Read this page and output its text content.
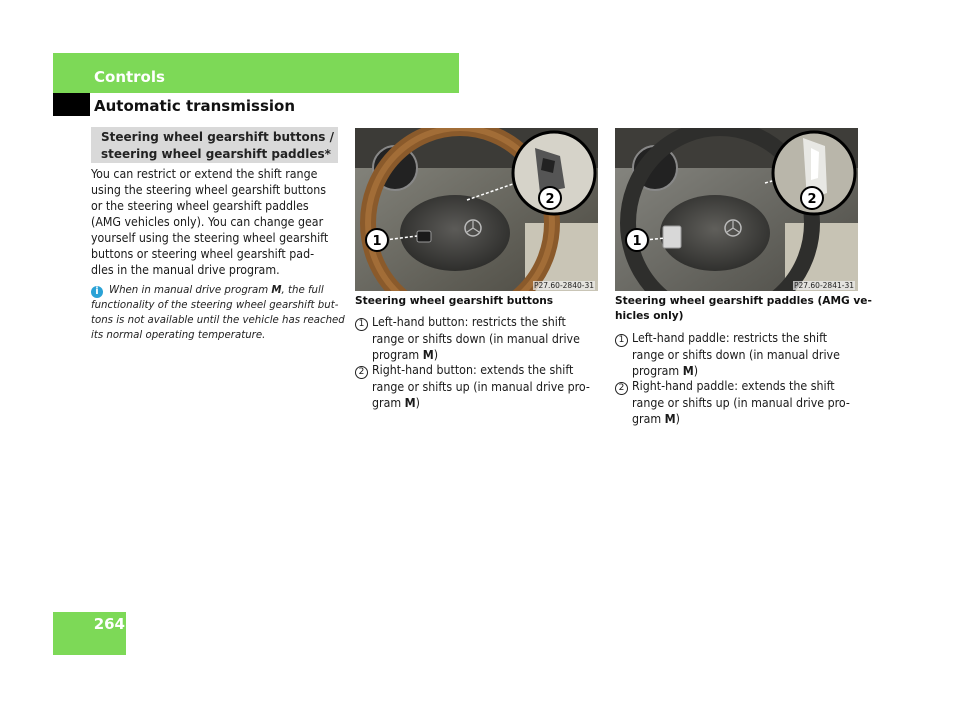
Controls
Automatic transmission
Steering wheel gearshift buttons /
steering wheel gearshift paddles*
You can restrict or extend the shift range
using the steering wheel gearshift buttons
or the steering wheel gearshift paddles
(AMG vehicles only). You can change gear
yourself using the steering wheel gearshift
buttons or steering wheel gearshift pad-
dles in the manual drive program.
i When in manual drive program M, the full
functionality of the steering wheel gearshift but-
tons is not available until the vehicle has reached
its normal operating temperature.
2
1
P27.60-2840-31
2
1
P27.60-2841-31
Steering wheel gearshift buttons
1 Left-hand button: restricts the shift
range or shifts down (in manual drive
program M)
2 Right-hand button: extends the shift
range or shifts up (in manual drive pro-
gram M)
Steering wheel gearshift paddles (AMG ve-
hicles only)
1 Left-hand paddle: restricts the shift
range or shifts down (in manual drive
program M)
2 Right-hand paddle: extends the shift
range or shifts up (in manual drive pro-
gram M)
264
